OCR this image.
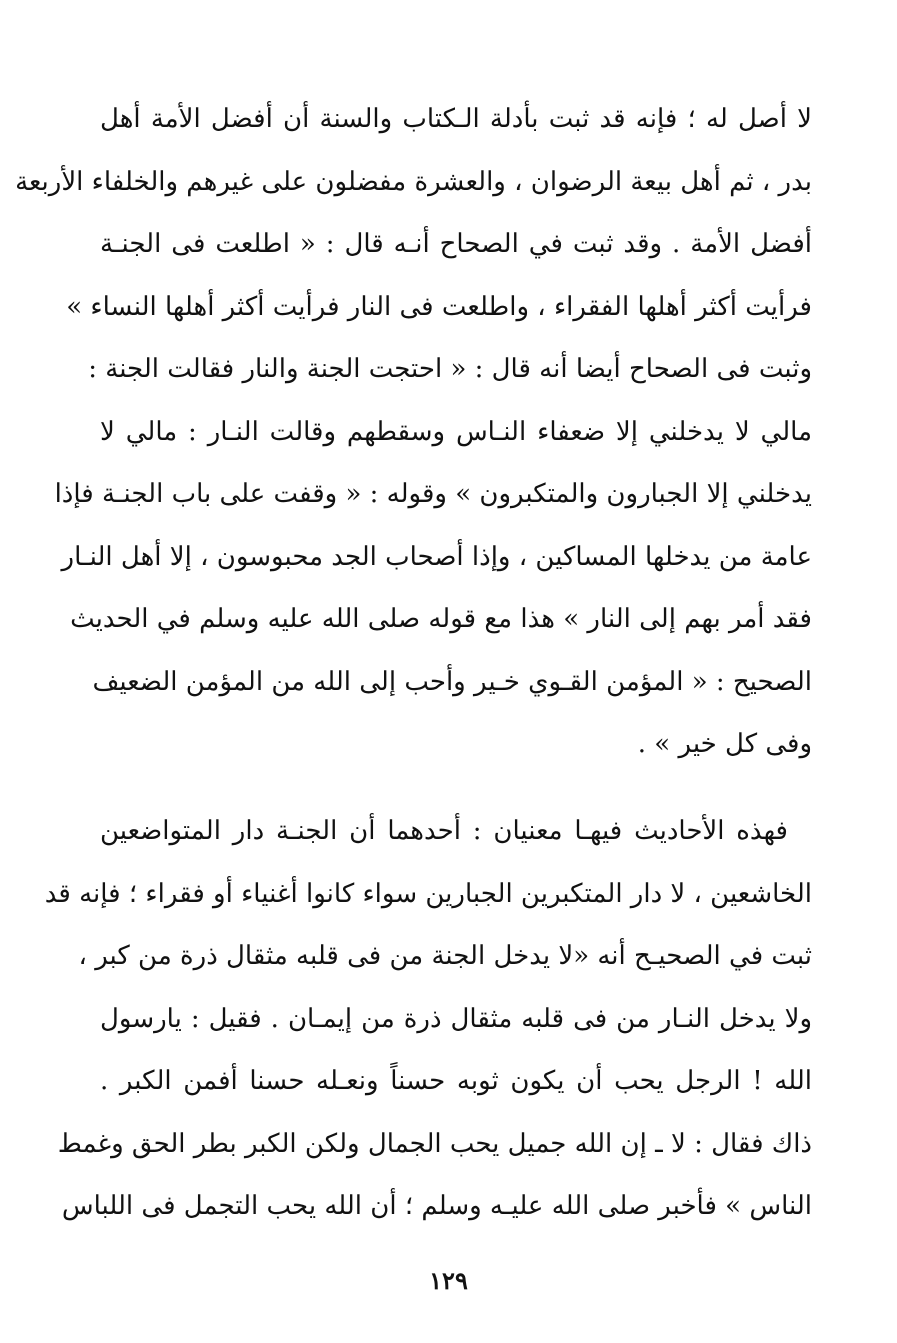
لا أصل له ؛ فإنه قد ثبت بأدلة الـكتاب والسنة أن أفضل الأمة أهل
بدر ، ثم أهل بيعة الرضوان ، والعشرة مفضلون على غيرهم والخلفاء الأربعة
أفضل الأمة . وقد ثبت في الصحاح أنـه قال : « اطلعت فى الجنـة
فرأيت أكثر أهلها الفقراء ، واطلعت فى النار فرأيت أكثر أهلها النساء »
وثبت فى الصحاح أيضا أنه قال : « احتجت الجنة والنار فقالت الجنة :
مالي لا يدخلني إلا ضعفاء النـاس وسقطهم وقالت النـار : مالي لا
يدخلني إلا الجبارون والمتكبرون » وقوله : « وقفت على باب الجنـة فإذا
عامة من يدخلها المساكين ، وإذا أصحاب الجد محبوسون ، إلا أهل النـار
فقد أمر بهم إلى النار » هذا مع قوله صلى الله عليه وسلم في الحديث
الصحيح : « المؤمن القـوي خـير وأحب إلى الله من المؤمن الضعيف
وفى كل خير » .
فهذه الأحاديث فيهـا معنيان : أحدهما أن الجنـة دار المتواضعين
الخاشعين ، لا دار المتكبرين الجبارين سواء كانوا أغنياء أو فقراء ؛ فإنه قد
ثبت في الصحيـح أنه «لا يدخل الجنة من فى قلبه مثقال ذرة من كبر ،
ولا يدخل النـار من فى قلبه مثقال ذرة من إيمـان . فقيل : يارسول
الله ! الرجل يحب أن يكون ثوبه حسناً ونعـله حسنا أفمن الكبر .
ذاك فقال : لا ـ إن الله جميل يحب الجمال ولكن الكبر بطر الحق وغمط
الناس » فأخبر صلى الله عليـه وسلم ؛ أن الله يحب التجمل فى اللباس
١٢٩
